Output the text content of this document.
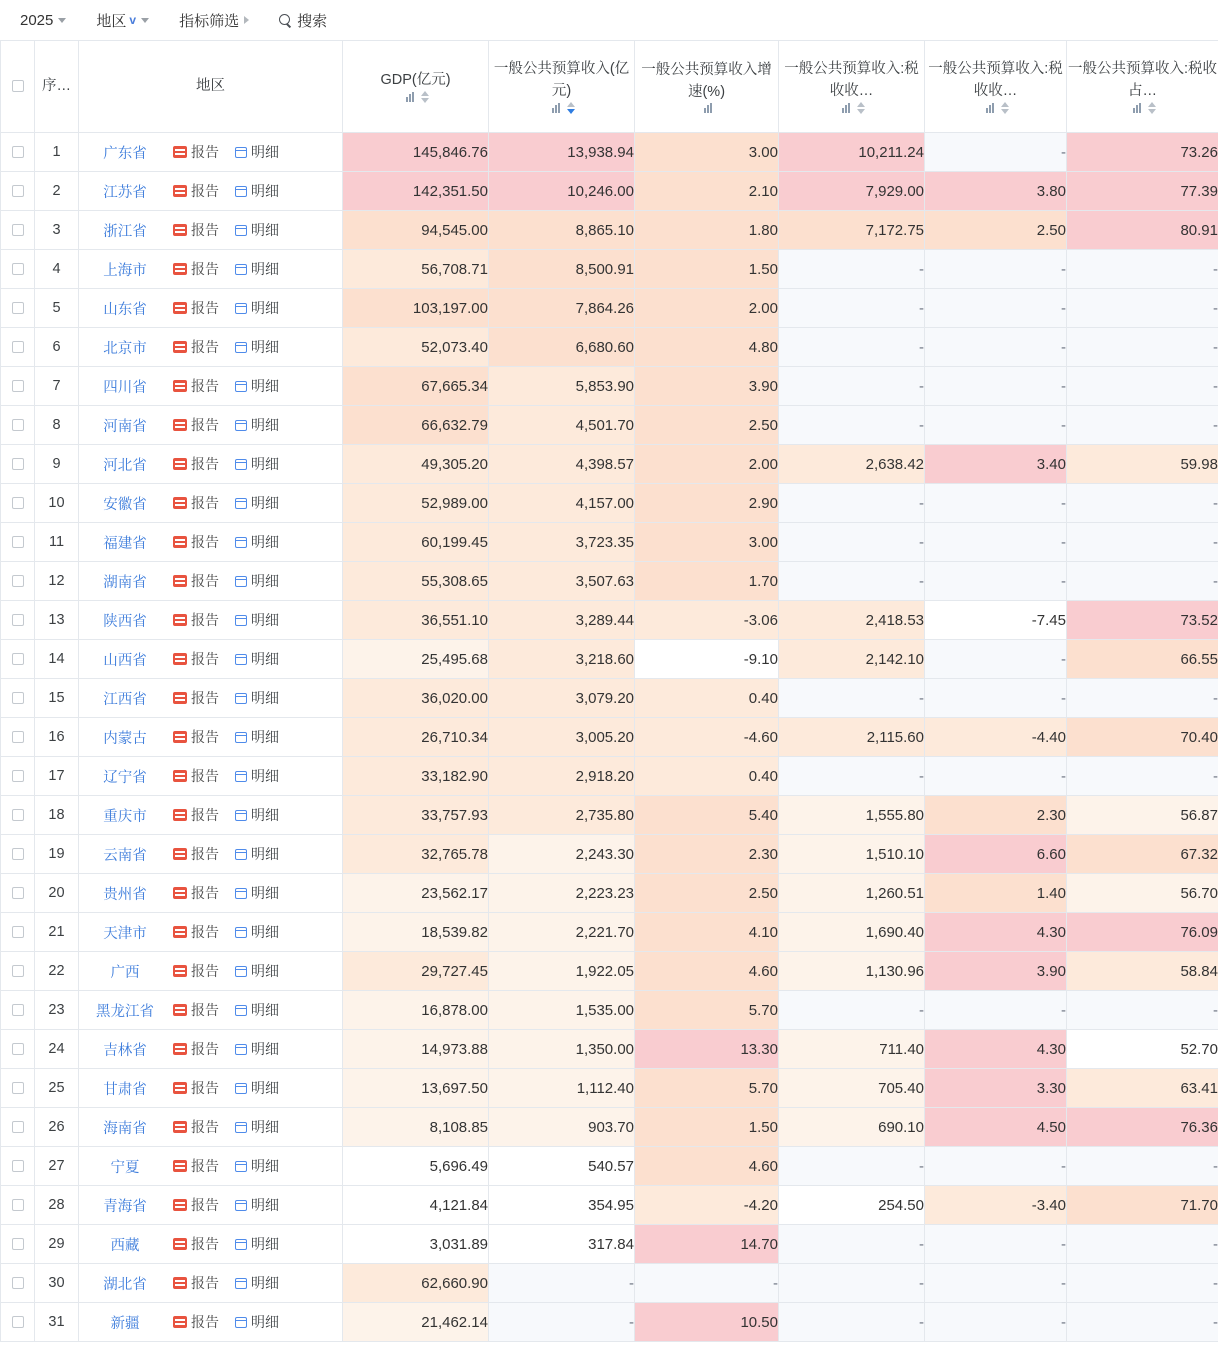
2025	地区 v	指标筛选	搜索
	序…	地区	GDP(亿元)	一般公共预算收入(亿元)	一般公共预算收入增速(%)	一般公共预算收入:税收收…	一般公共预算收入:税收收…	一般公共预算收入:税收占…

	1	广东省 报告 明细	145,846.76	13,938.94	3.00	10,211.24	-	73.26
	2	江苏省 报告 明细	142,351.50	10,246.00	2.10	7,929.00	3.80	77.39
	3	浙江省 报告 明细	94,545.00	8,865.10	1.80	7,172.75	2.50	80.91
	4	上海市 报告 明细	56,708.71	8,500.91	1.50	-	-	-
	5	山东省 报告 明细	103,197.00	7,864.26	2.00	-	-	-
	6	北京市 报告 明细	52,073.40	6,680.60	4.80	-	-	-
	7	四川省 报告 明细	67,665.34	5,853.90	3.90	-	-	-
	8	河南省 报告 明细	66,632.79	4,501.70	2.50	-	-	-
	9	河北省 报告 明细	49,305.20	4,398.57	2.00	2,638.42	3.40	59.98
	10	安徽省 报告 明细	52,989.00	4,157.00	2.90	-	-	-
	11	福建省 报告 明细	60,199.45	3,723.35	3.00	-	-	-
	12	湖南省 报告 明细	55,308.65	3,507.63	1.70	-	-	-
	13	陕西省 报告 明细	36,551.10	3,289.44	-3.06	2,418.53	-7.45	73.52
	14	山西省 报告 明细	25,495.68	3,218.60	-9.10	2,142.10	-	66.55
	15	江西省 报告 明细	36,020.00	3,079.20	0.40	-	-	-
	16	内蒙古 报告 明细	26,710.34	3,005.20	-4.60	2,115.60	-4.40	70.40
	17	辽宁省 报告 明细	33,182.90	2,918.20	0.40	-	-	-
	18	重庆市 报告 明细	33,757.93	2,735.80	5.40	1,555.80	2.30	56.87
	19	云南省 报告 明细	32,765.78	2,243.30	2.30	1,510.10	6.60	67.32
	20	贵州省 报告 明细	23,562.17	2,223.23	2.50	1,260.51	1.40	56.70
	21	天津市 报告 明细	18,539.82	2,221.70	4.10	1,690.40	4.30	76.09
	22	广西 报告 明细	29,727.45	1,922.05	4.60	1,130.96	3.90	58.84
	23	黑龙江省 报告 明细	16,878.00	1,535.00	5.70	-	-	-
	24	吉林省 报告 明细	14,973.88	1,350.00	13.30	711.40	4.30	52.70
	25	甘肃省 报告 明细	13,697.50	1,112.40	5.70	705.40	3.30	63.41
	26	海南省 报告 明细	8,108.85	903.70	1.50	690.10	4.50	76.36
	27	宁夏 报告 明细	5,696.49	540.57	4.60	-	-	-
	28	青海省 报告 明细	4,121.84	354.95	-4.20	254.50	-3.40	71.70
	29	西藏 报告 明细	3,031.89	317.84	14.70	-	-	-
	30	湖北省 报告 明细	62,660.90	-	-	-	-	-
	31	新疆 报告 明细	21,462.14	-	10.50	-	-	-
